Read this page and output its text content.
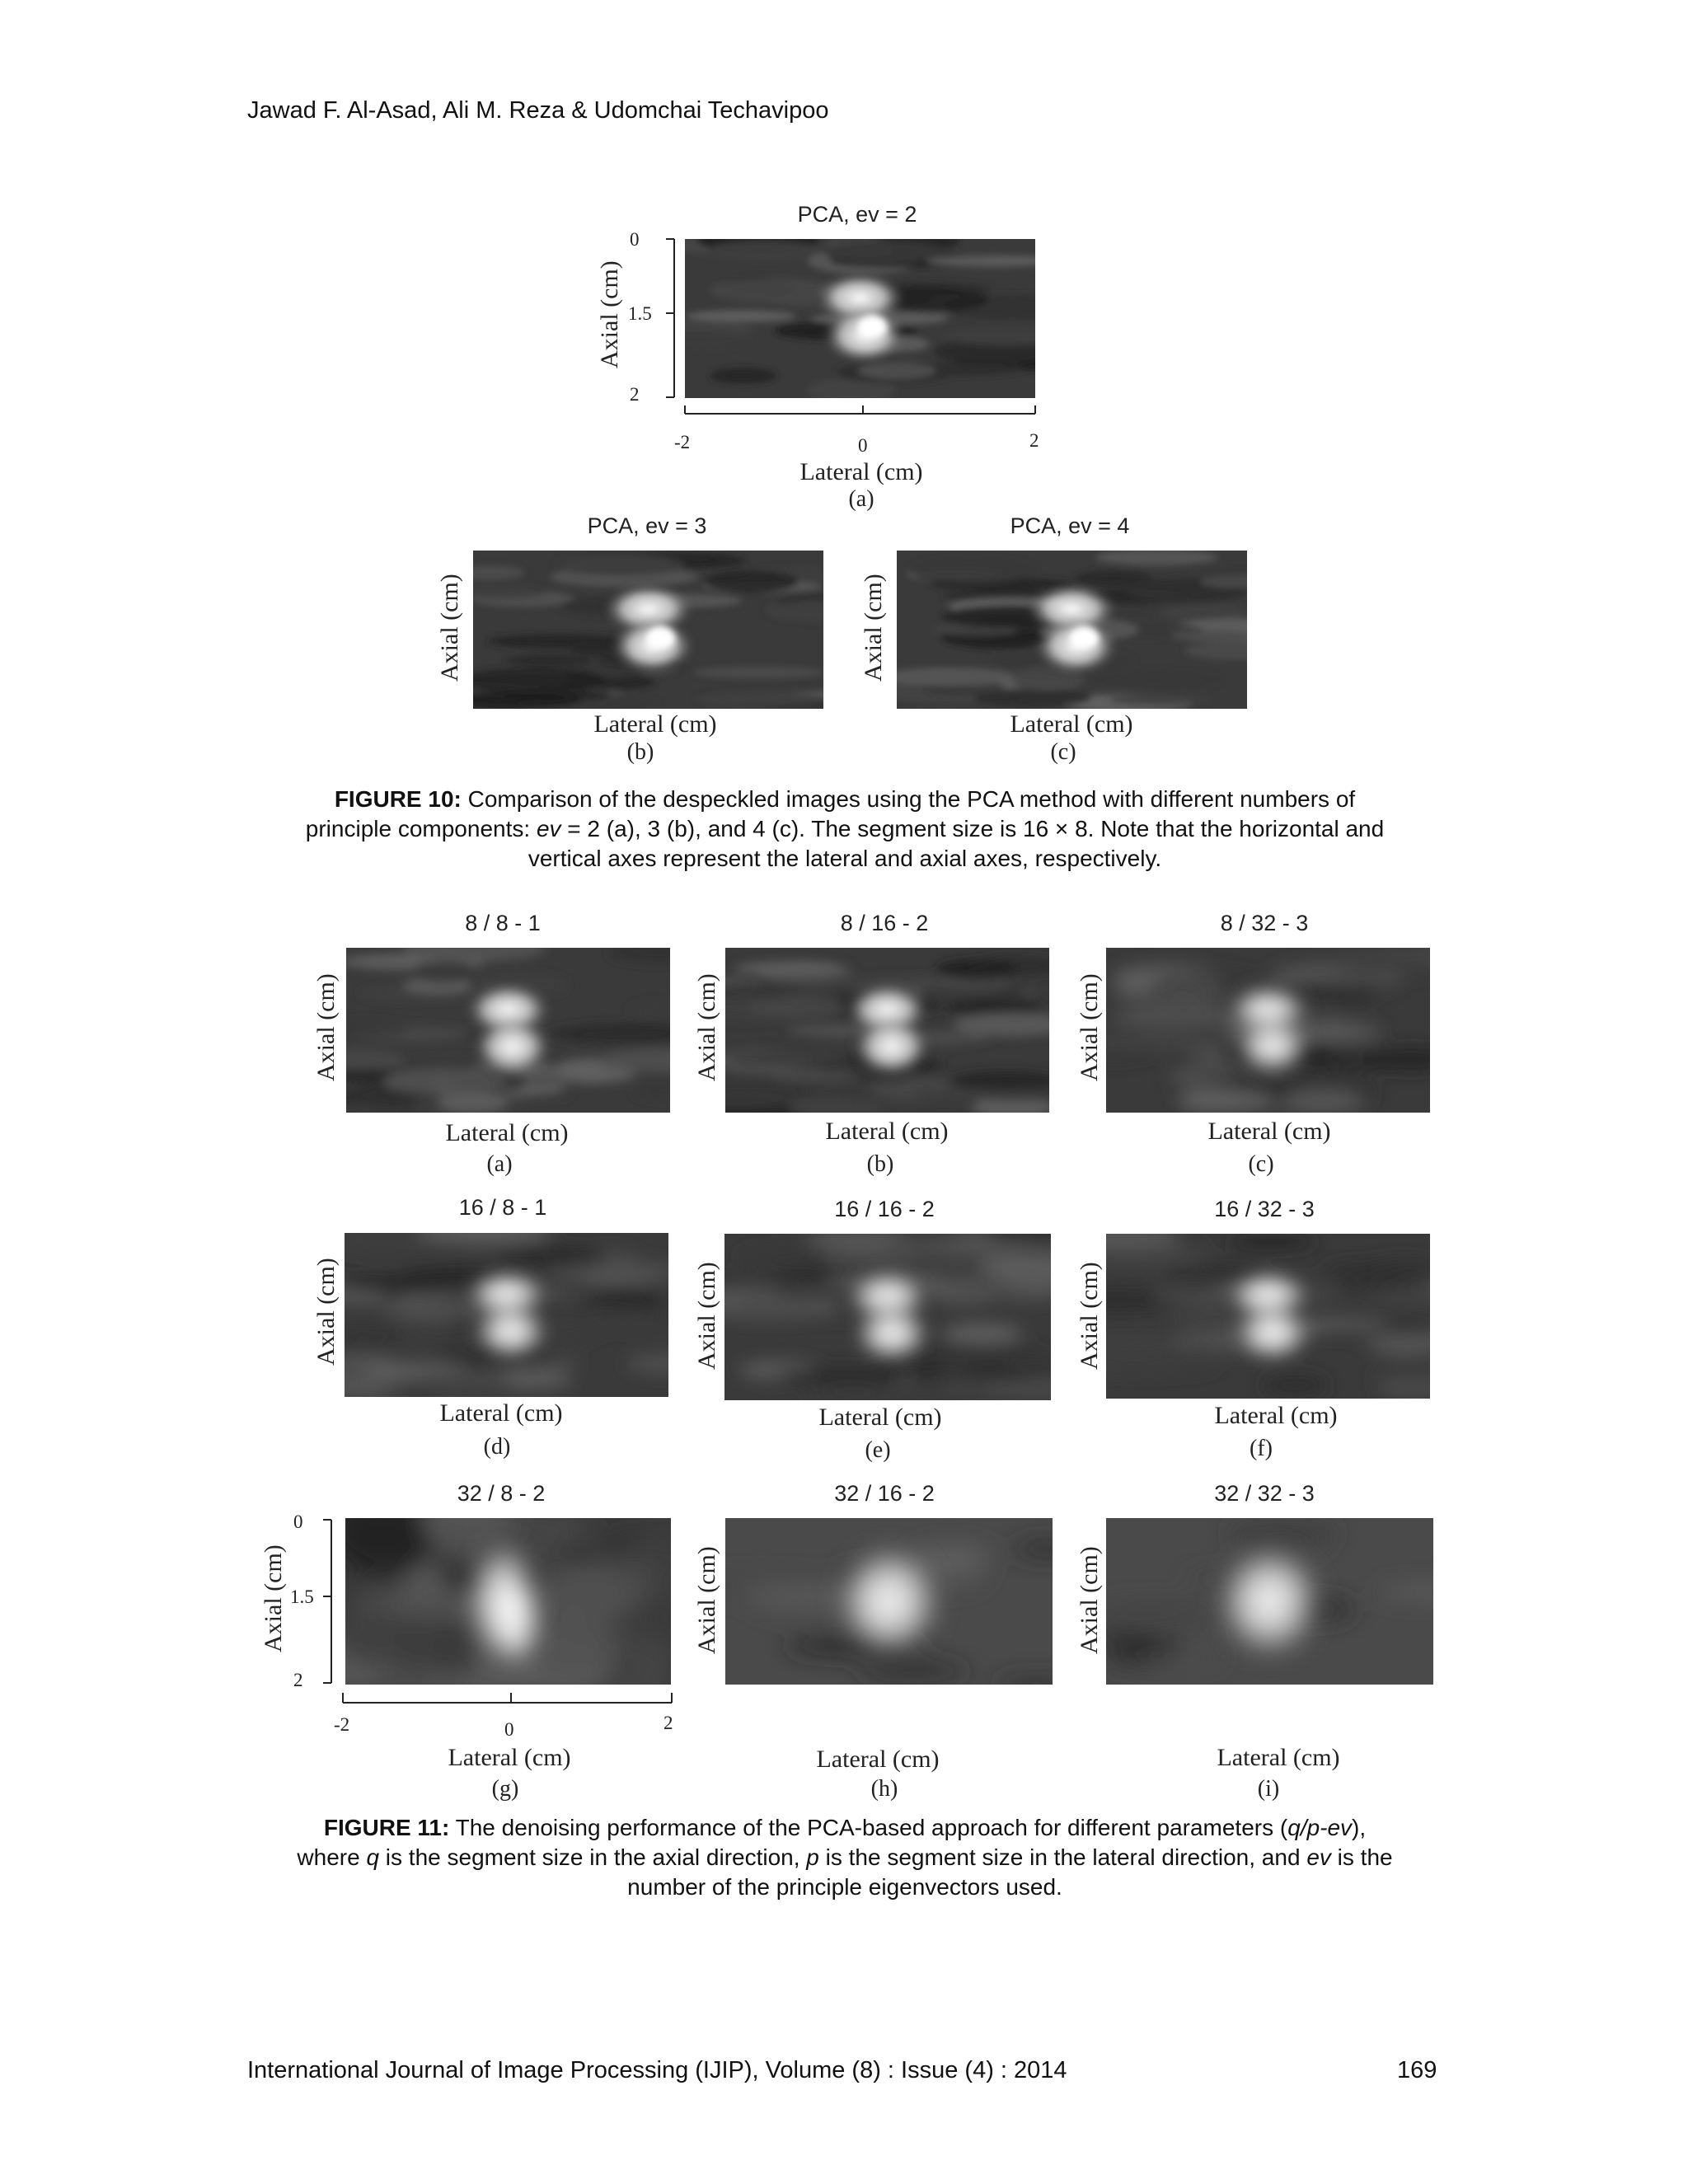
Jawad F. Al-Asad, Ali M. Reza & Udomchai Techavipoo
PCA, ev = 2
Axial (cm)
0
1.5
2
-2	0	2
Lateral (cm)
(a)
PCA, ev = 3
Axial (cm)
Lateral (cm)
(b)
PCA, ev = 4
Axial (cm)
Lateral (cm)
(c)
FIGURE 10: Comparison of the despeckled images using the PCA method with different numbers of
principle components: ev = 2 (a), 3 (b), and 4 (c). The segment size is 16 × 8. Note that the horizontal and
vertical axes represent the lateral and axial axes, respectively.
8 / 8 - 1
Axial (cm)
Lateral (cm)
(a)
8 / 16 - 2
Axial (cm)
Lateral (cm)
(b)
8 / 32 - 3
Axial (cm)
Lateral (cm)
(c)
16 / 8 - 1
Axial (cm)
Lateral (cm)
(d)
16 / 16 - 2
Axial (cm)
Lateral (cm)
(e)
16 / 32 - 3
Axial (cm)
Lateral (cm)
(f)
32 / 8 - 2
Axial (cm)
0
1.5
2
-2	0	2
Lateral (cm)
(g)
32 / 16 - 2
Axial (cm)
Lateral (cm)
(h)
32 / 32 - 3
Axial (cm)
Lateral (cm)
(i)
FIGURE 11: The denoising performance of the PCA-based approach for different parameters (q/p-ev),
where q is the segment size in the axial direction, p is the segment size in the lateral direction, and ev is the
number of the principle eigenvectors used.
International Journal of Image Processing (IJIP), Volume (8) : Issue (4) : 2014	169
